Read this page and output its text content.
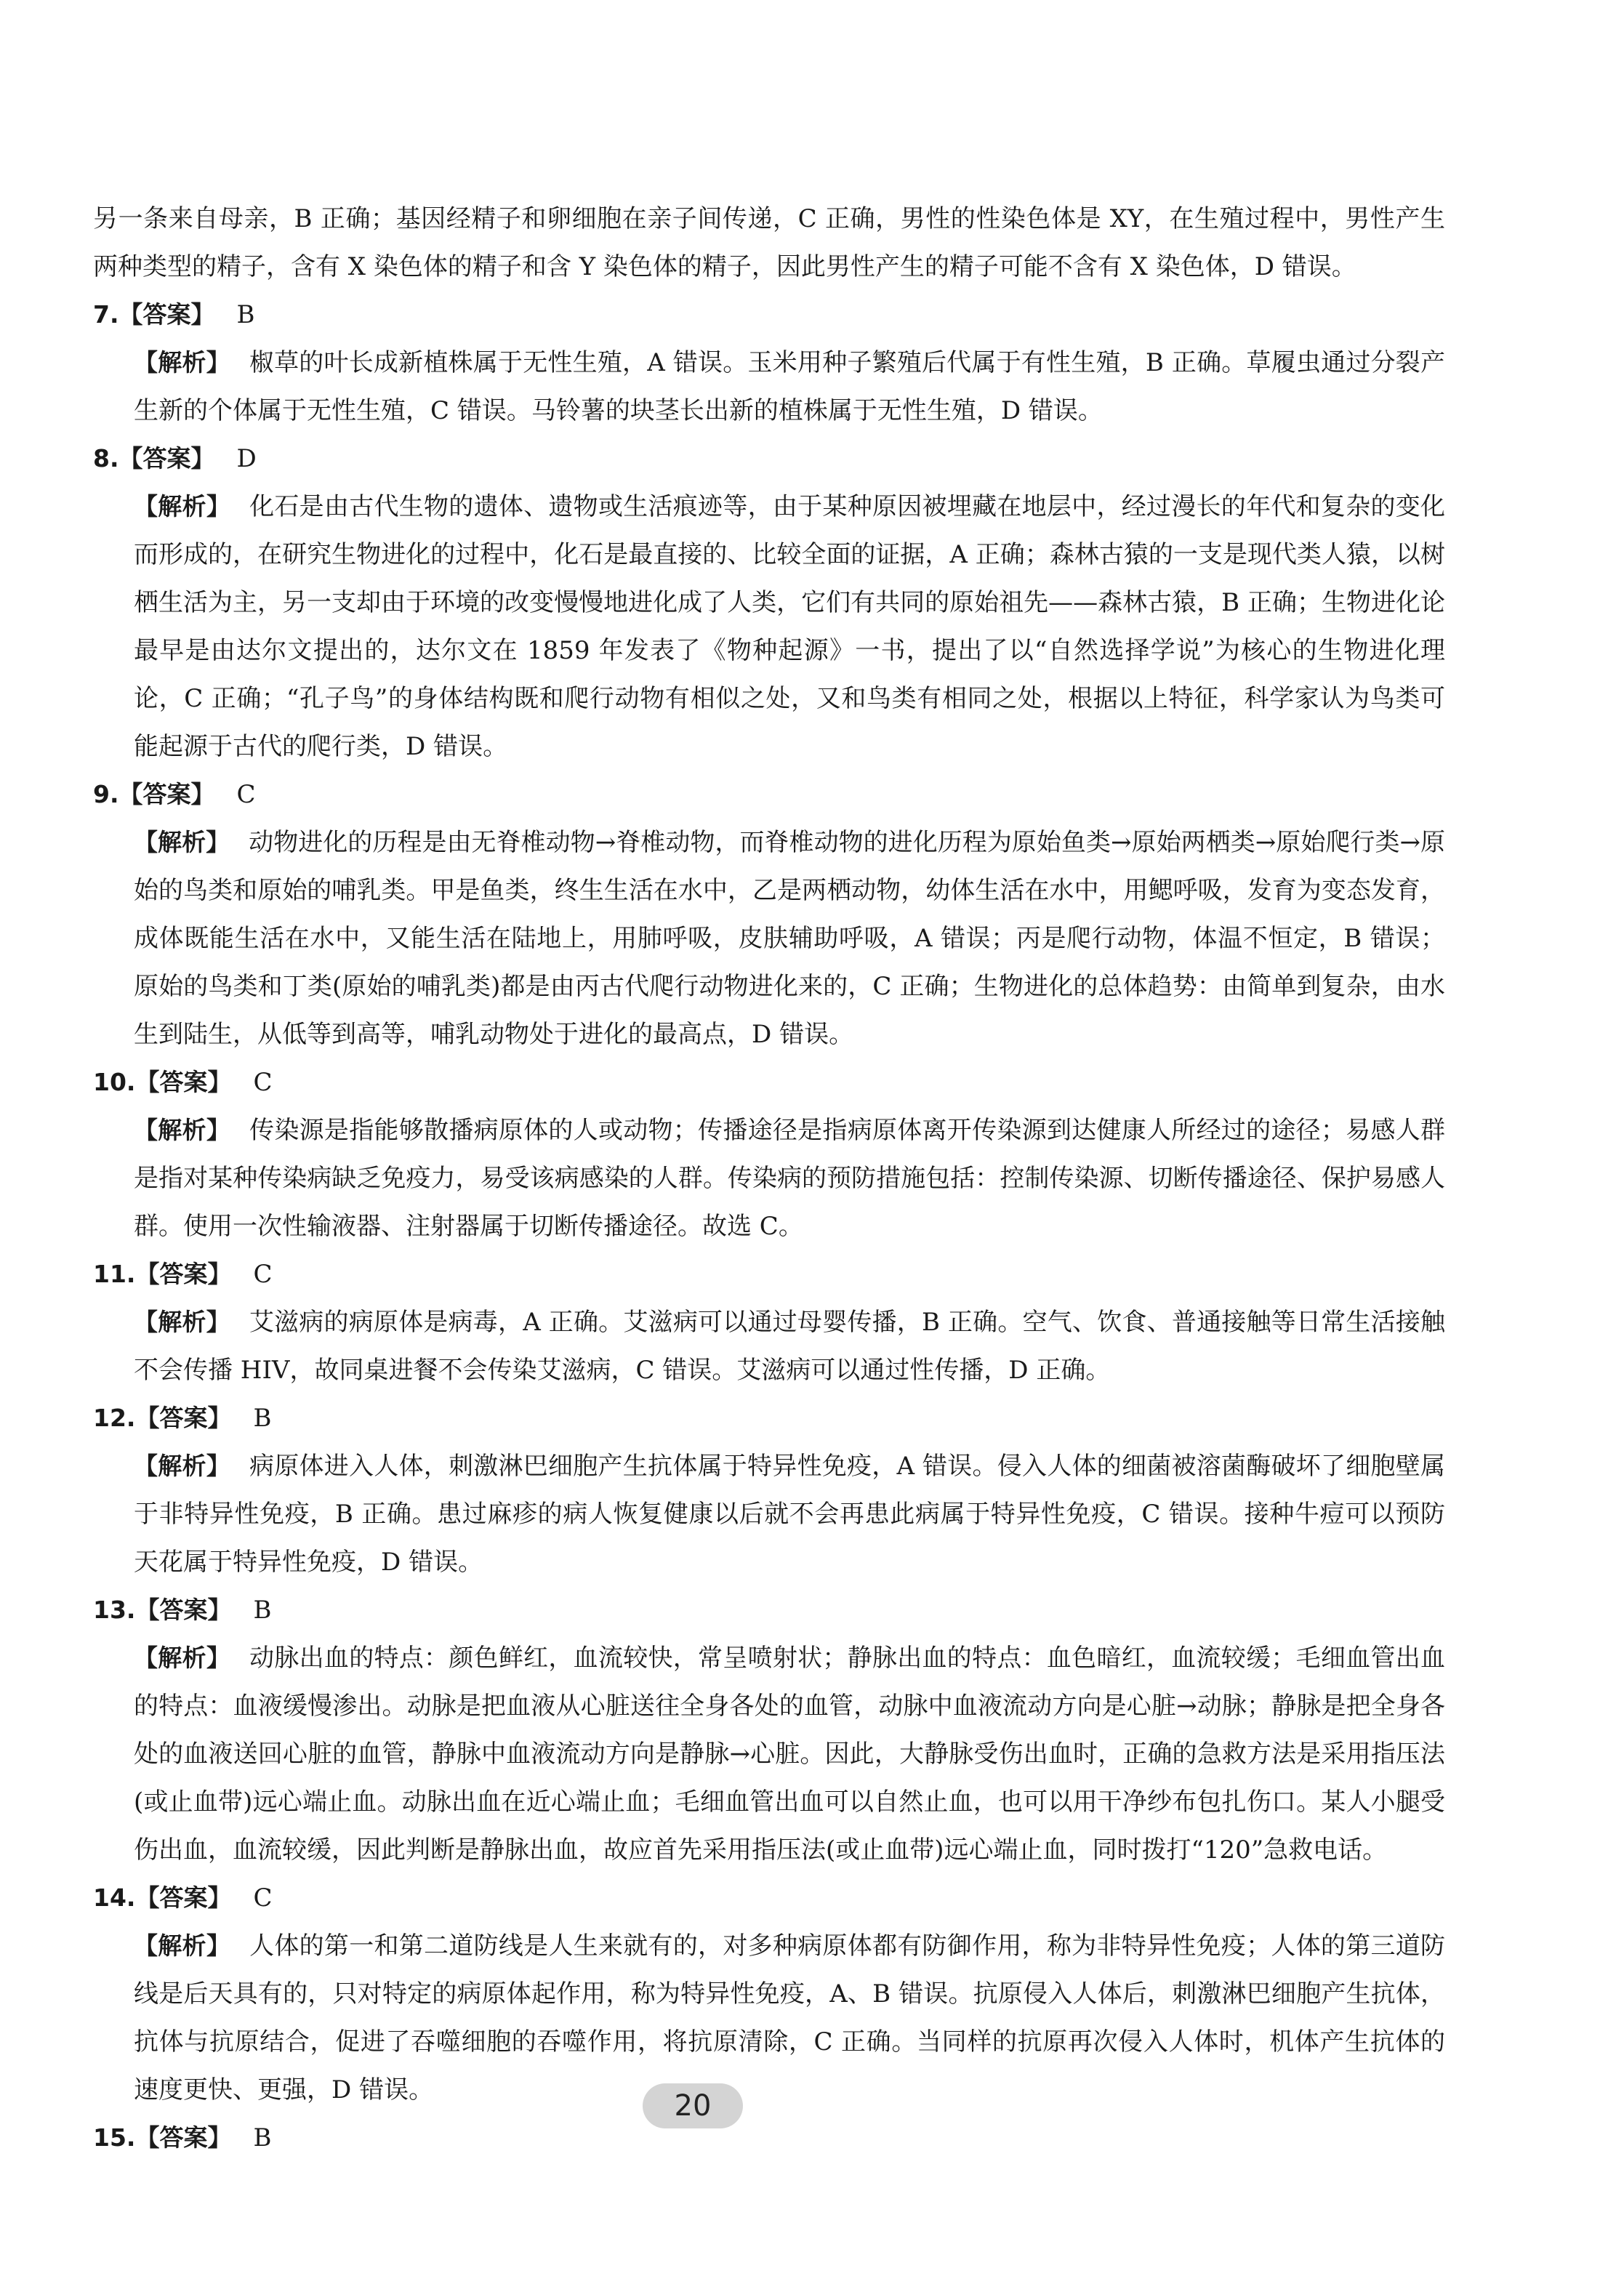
另一条来自母亲，B 正确；基因经精子和卵细胞在亲子间传递，C 正确，男性的性染色体是 XY，在生殖过程中，男性产生两种类型的精子，含有 X 染色体的精子和含 Y 染色体的精子，因此男性产生的精子可能不含有 X 染色体，D 错误。

7. 【答案】 B
【解析】 椒草的叶长成新植株属于无性生殖，A 错误。玉米用种子繁殖后代属于有性生殖，B 正确。草履虫通过分裂产生新的个体属于无性生殖，C 错误。马铃薯的块茎长出新的植株属于无性生殖，D 错误。
8. 【答案】 D
【解析】 化石是由古代生物的遗体、遗物或生活痕迹等，由于某种原因被埋藏在地层中，经过漫长的年代和复杂的变化而形成的，在研究生物进化的过程中，化石是最直接的、比较全面的证据，A 正确；森林古猿的一支是现代类人猿，以树栖生活为主，另一支却由于环境的改变慢慢地进化成了人类，它们有共同的原始祖先——森林古猿，B 正确；生物进化论最早是由达尔文提出的，达尔文在 1859 年发表了《物种起源》一书，提出了以“自然选择学说”为核心的生物进化理论，C 正确；“孔子鸟”的身体结构既和爬行动物有相似之处，又和鸟类有相同之处，根据以上特征，科学家认为鸟类可能起源于古代的爬行类，D 错误。
9. 【答案】 C
【解析】 动物进化的历程是由无脊椎动物→脊椎动物，而脊椎动物的进化历程为原始鱼类→原始两栖类→原始爬行类→原始的鸟类和原始的哺乳类。甲是鱼类，终生生活在水中，乙是两栖动物，幼体生活在水中，用鳃呼吸，发育为变态发育，成体既能生活在水中，又能生活在陆地上，用肺呼吸，皮肤辅助呼吸，A 错误；丙是爬行动物，体温不恒定，B 错误；原始的鸟类和丁类(原始的哺乳类)都是由丙古代爬行动物进化来的，C 正确；生物进化的总体趋势：由简单到复杂，由水生到陆生，从低等到高等，哺乳动物处于进化的最高点，D 错误。
10. 【答案】 C
【解析】 传染源是指能够散播病原体的人或动物；传播途径是指病原体离开传染源到达健康人所经过的途径；易感人群是指对某种传染病缺乏免疫力，易受该病感染的人群。传染病的预防措施包括：控制传染源、切断传播途径、保护易感人群。使用一次性输液器、注射器属于切断传播途径。故选 C。
11. 【答案】 C
【解析】 艾滋病的病原体是病毒，A 正确。艾滋病可以通过母婴传播，B 正确。空气、饮食、普通接触等日常生活接触不会传播 HIV，故同桌进餐不会传染艾滋病，C 错误。艾滋病可以通过性传播，D 正确。
12. 【答案】 B
【解析】 病原体进入人体，刺激淋巴细胞产生抗体属于特异性免疫，A 错误。侵入人体的细菌被溶菌酶破坏了细胞壁属于非特异性免疫，B 正确。患过麻疹的病人恢复健康以后就不会再患此病属于特异性免疫，C 错误。接种牛痘可以预防天花属于特异性免疫，D 错误。
13. 【答案】 B
【解析】 动脉出血的特点：颜色鲜红，血流较快，常呈喷射状；静脉出血的特点：血色暗红，血流较缓；毛细血管出血的特点：血液缓慢渗出。动脉是把血液从心脏送往全身各处的血管，动脉中血液流动方向是心脏→动脉；静脉是把全身各处的血液送回心脏的血管，静脉中血液流动方向是静脉→心脏。因此，大静脉受伤出血时，正确的急救方法是采用指压法(或止血带)远心端止血。动脉出血在近心端止血；毛细血管出血可以自然止血，也可以用干净纱布包扎伤口。某人小腿受伤出血，血流较缓，因此判断是静脉出血，故应首先采用指压法(或止血带)远心端止血，同时拨打“120”急救电话。
14. 【答案】 C
【解析】 人体的第一和第二道防线是人生来就有的，对多种病原体都有防御作用，称为非特异性免疫；人体的第三道防线是后天具有的，只对特定的病原体起作用，称为特异性免疫，A、B 错误。抗原侵入人体后，刺激淋巴细胞产生抗体，抗体与抗原结合，促进了吞噬细胞的吞噬作用，将抗原清除，C 正确。当同样的抗原再次侵入人体时，机体产生抗体的速度更快、更强，D 错误。
15. 【答案】 B
20
